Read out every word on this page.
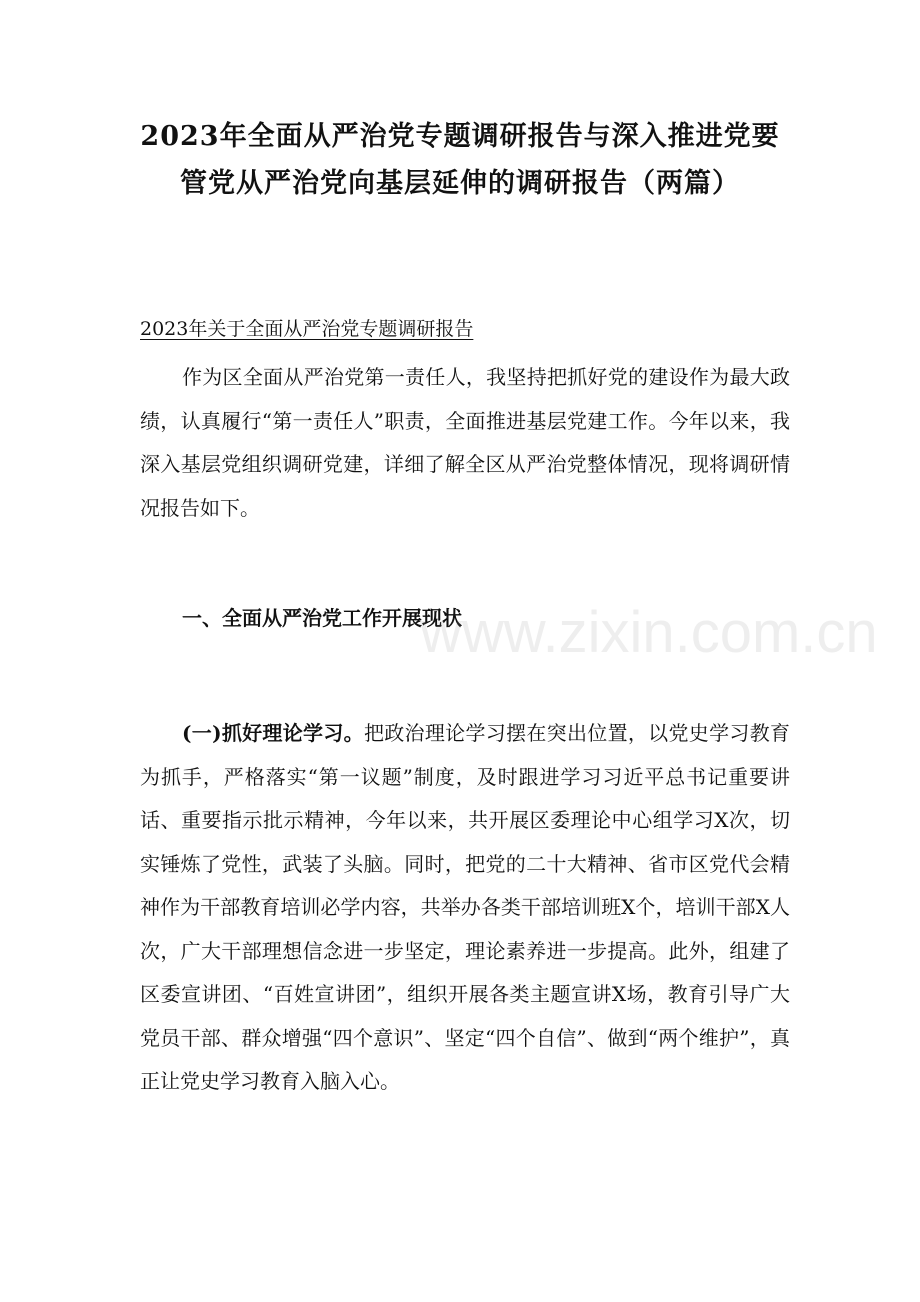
2023年全面从严治党专题调研报告与深入推进党要
管党从严治党向基层延伸的调研报告（两篇）
2023年关于全面从严治党专题调研报告

作为区全面从严治党第一责任人，我坚持把抓好党的建设作为最大政绩，认真履行“第一责任人”职责，全面推进基层党建工作。今年以来，我深入基层党组织调研党建，详细了解全区从严治党整体情况，现将调研情况报告如下。

一、全面从严治党工作开展现状

(一)抓好理论学习。把政治理论学习摆在突出位置，以党史学习教育为抓手，严格落实“第一议题”制度，及时跟进学习习近平总书记重要讲话、重要指示批示精神，今年以来，共开展区委理论中心组学习X次，切实锤炼了党性，武装了头脑。同时，把党的二十大精神、省市区党代会精神作为干部教育培训必学内容，共举办各类干部培训班X个，培训干部X人次，广大干部理想信念进一步坚定，理论素养进一步提高。此外，组建了区委宣讲团、“百姓宣讲团”，组织开展各类主题宣讲X场，教育引导广大党员干部、群众增强“四个意识”、坚定“四个自信”、做到“两个维护”，真正让党史学习教育入脑入心。

www.zixin.com.cn
